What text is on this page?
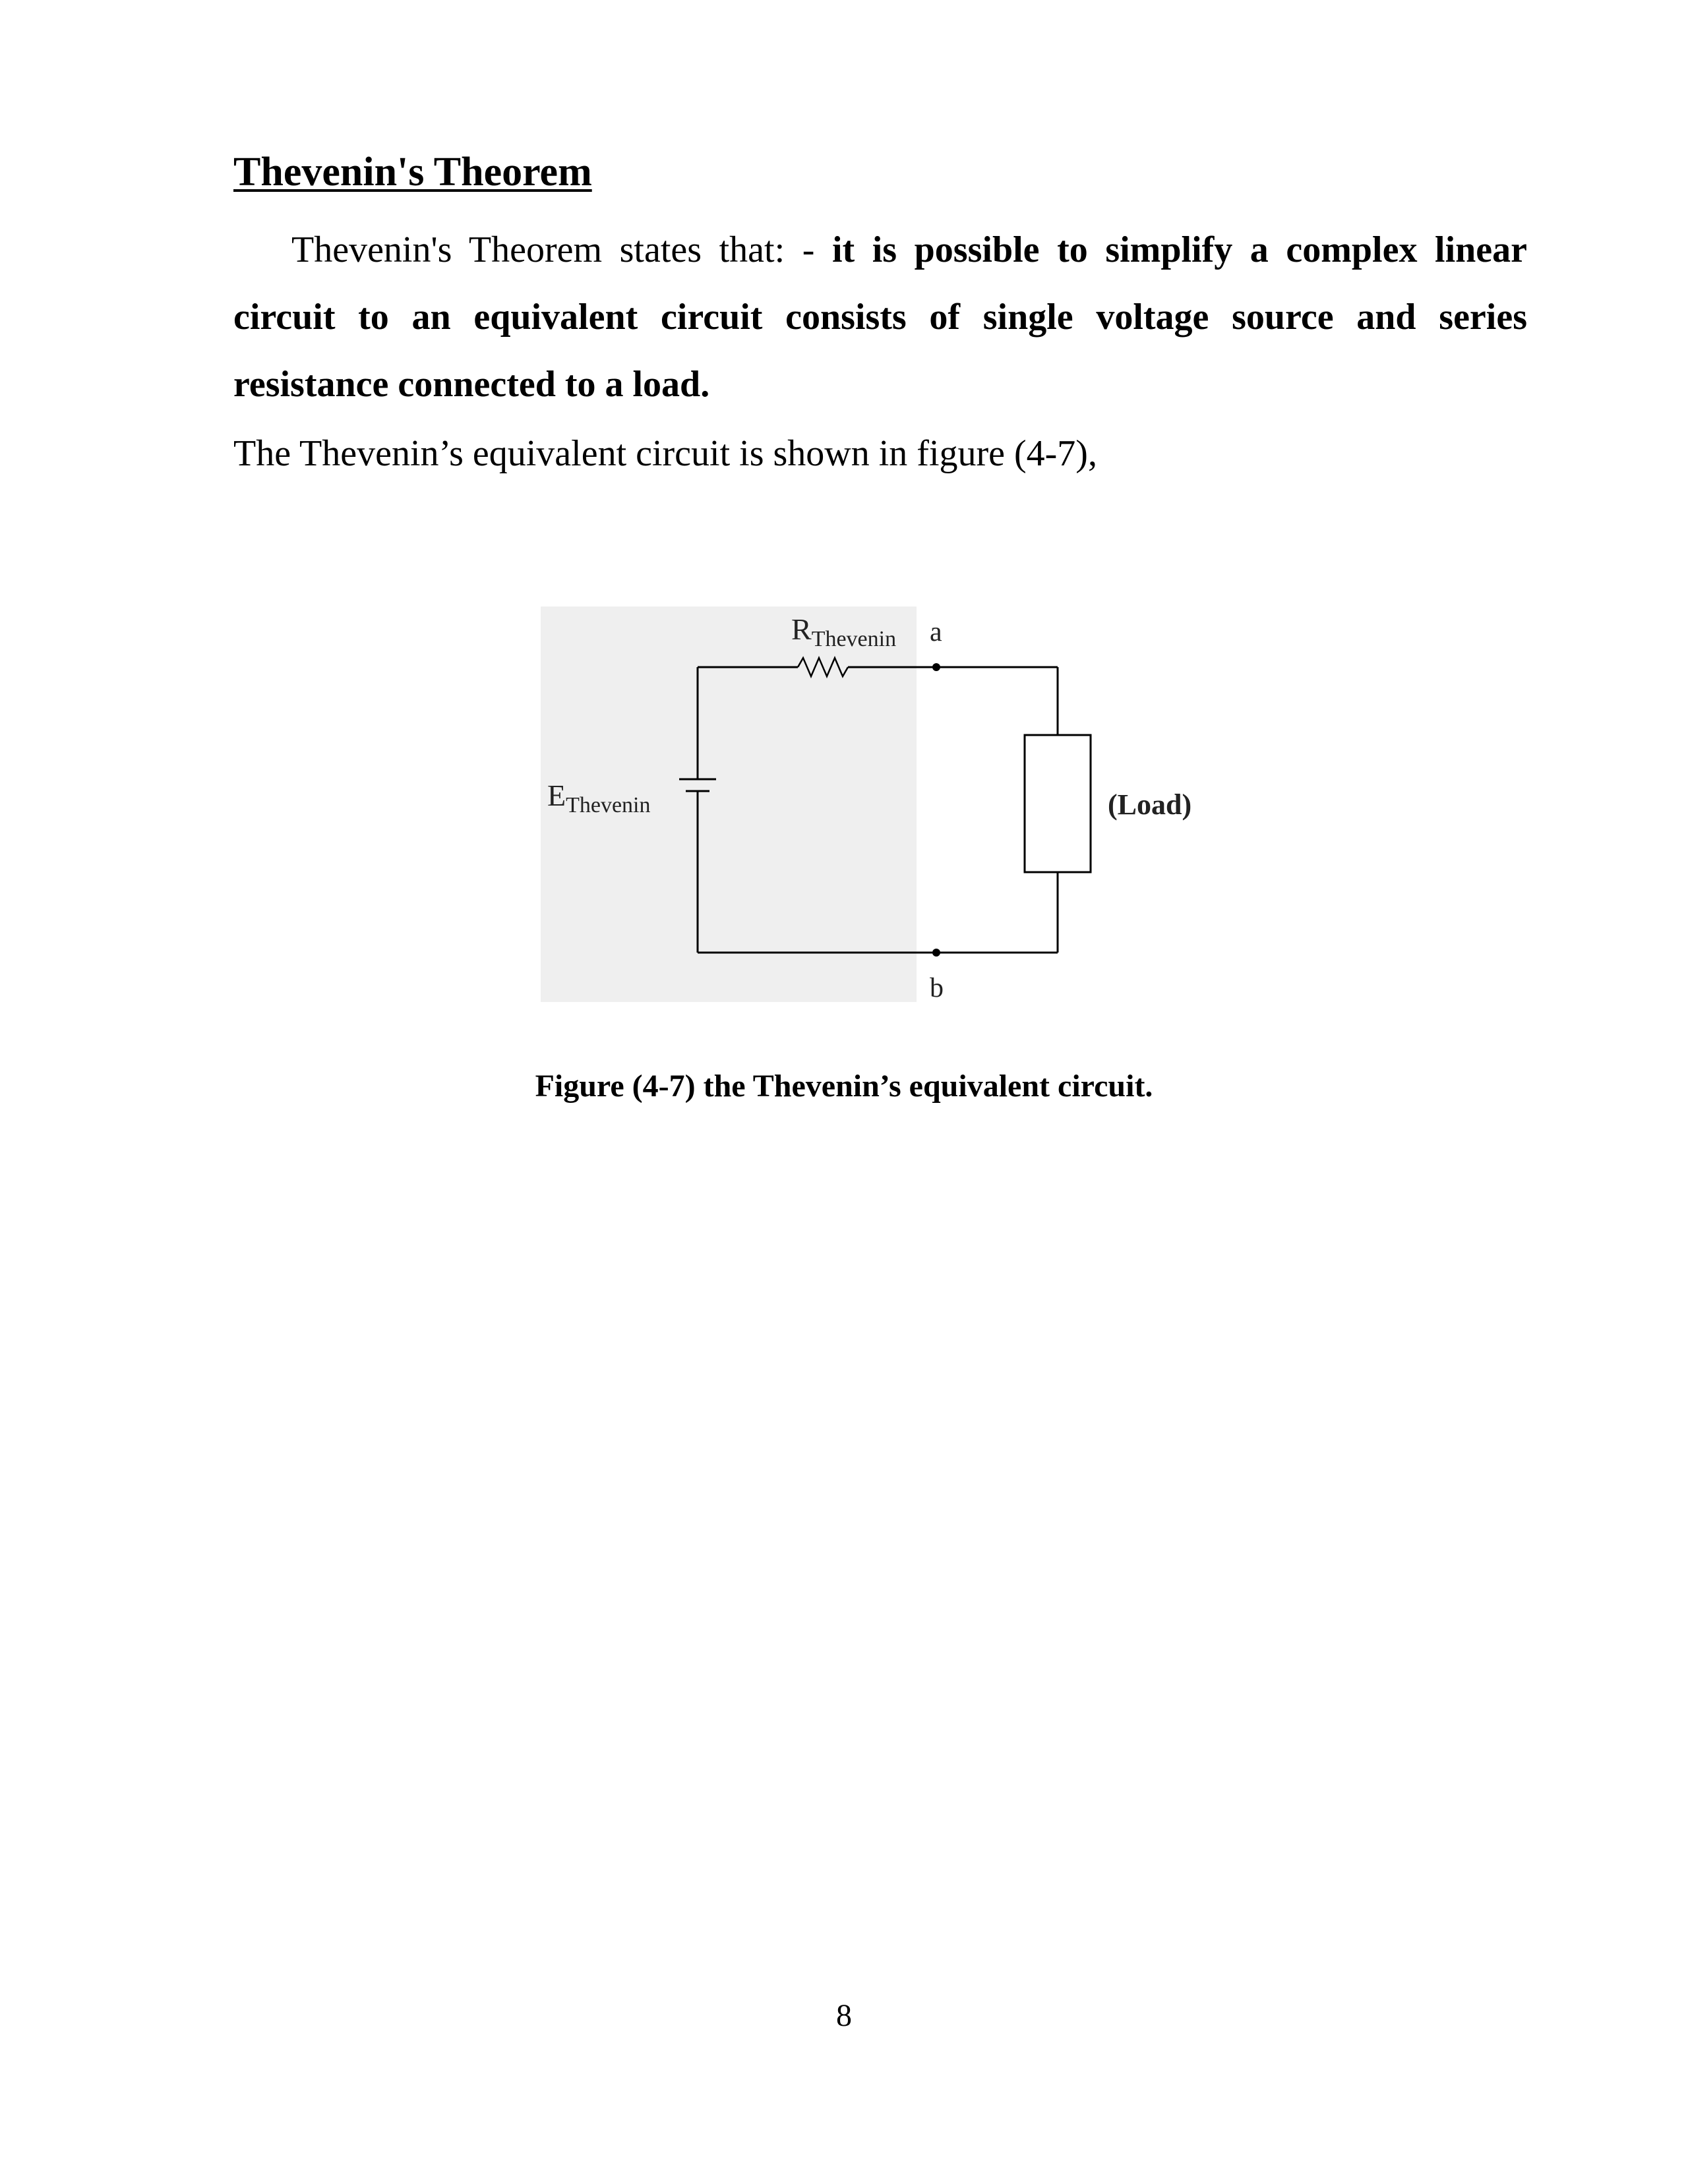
Thevenin's Theorem
Thevenin's Theorem states that: - it is possible to simplify a complex linear circuit to an equivalent circuit consists of single voltage source and series resistance connected to a load.
The Thevenin’s equivalent circuit is shown in figure (4-7),
$R_{Thevenin}$ a
$E_{Thevenin}$
b
(Load)
Figure (4-7) the Thevenin’s equivalent circuit.
8
